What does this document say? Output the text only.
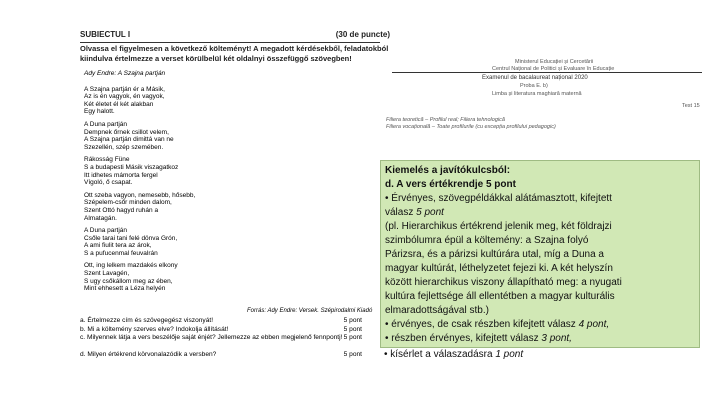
SUBIECTUL I	(30 de puncte)
Olvassa el figyelmesen a következő költeményt! A megadott kérdésekből, feladatokból
kiindulva értelmezze a verset körülbelül két oldalnyi összefüggő szövegben!
Ady Endre: A Szajna partján
A Szajna partján ér a Másik,
Az is én vagyok, én vagyok,
Két életet él két alakban
Egy halott.
A Duna partján
Dempnek őrnek csillot velem,
A Szajna partján dimittá van ne
Szezellén, szép szemében.
Rákosság Füne
S a budapesti Másik viszagatkoz
Itt idhetes mámorta fergel
Vígoló, ő csapat.
Ott szeba vagyon, nemesebb, hősebb,
Szépelem-csőr minden dalom,
Szent Ottó hagyd ruhán a
Almatagán.
A Duna partján
Csőle tarai tani felé dönva Grón,
A ami fiulit tera az árok,
S a pufucenmal feuvalrán
Ott, ing lelkem mazdakés elkony
Szent Lavagén,
S ugy csőkállom meg az ében,
Mint ehhesett a Léza helyén
Forrás: Ady Endre: Versek. Szépirodalmi Kiadó
a. Értelmezze cím és szövegegész viszonyát!	5 pont
b. Mi a költemény szerves elve? Indokolja állítását!	5 pont
c. Milyennek látja a vers beszélője saját énjét? Jellemezze az ebben megjelenő fennpontj! 5 pont
d. Milyen értékrend körvonalazódik a versben?	5 pont
Ministerul Educației și Cercetării
Centrul Național de Politici și Evaluare în Educație
Examenul de bacalaureat național 2020
Proba E. b)
Limba și literatura maghiară maternă
Test 15
Filiera teoretică – Profilul real; Filiera tehnologică
Filiera vocațională – Toate profilurile (cu excepția profilului pedagogic)
Kiemelés a javítókulcsból:
d. A vers értékrendje 5 pont
• Érvényes, szövegpéldákkal alátámasztott, kifejtett
válasz 5 pont
(pl. Hierarchikus értékrend jelenik meg, két földrajzi
szimbólumra épül a költemény: a Szajna folyó
Párizsra, és a párizsi kultúrára utal, míg a Duna a
magyar kultúrát, léthelyzetet fejezi ki. A két helyszín
között hierarchikus viszony állapítható meg: a nyugati
kultúra fejlettsége áll ellentétben a magyar kulturális
elmaradottságával stb.)
• érvényes, de csak részben kifejtett válasz 4 pont,
• részben érvényes, kifejtett válasz 3 pont,
• kísérlet a válaszadásra 1 pont
